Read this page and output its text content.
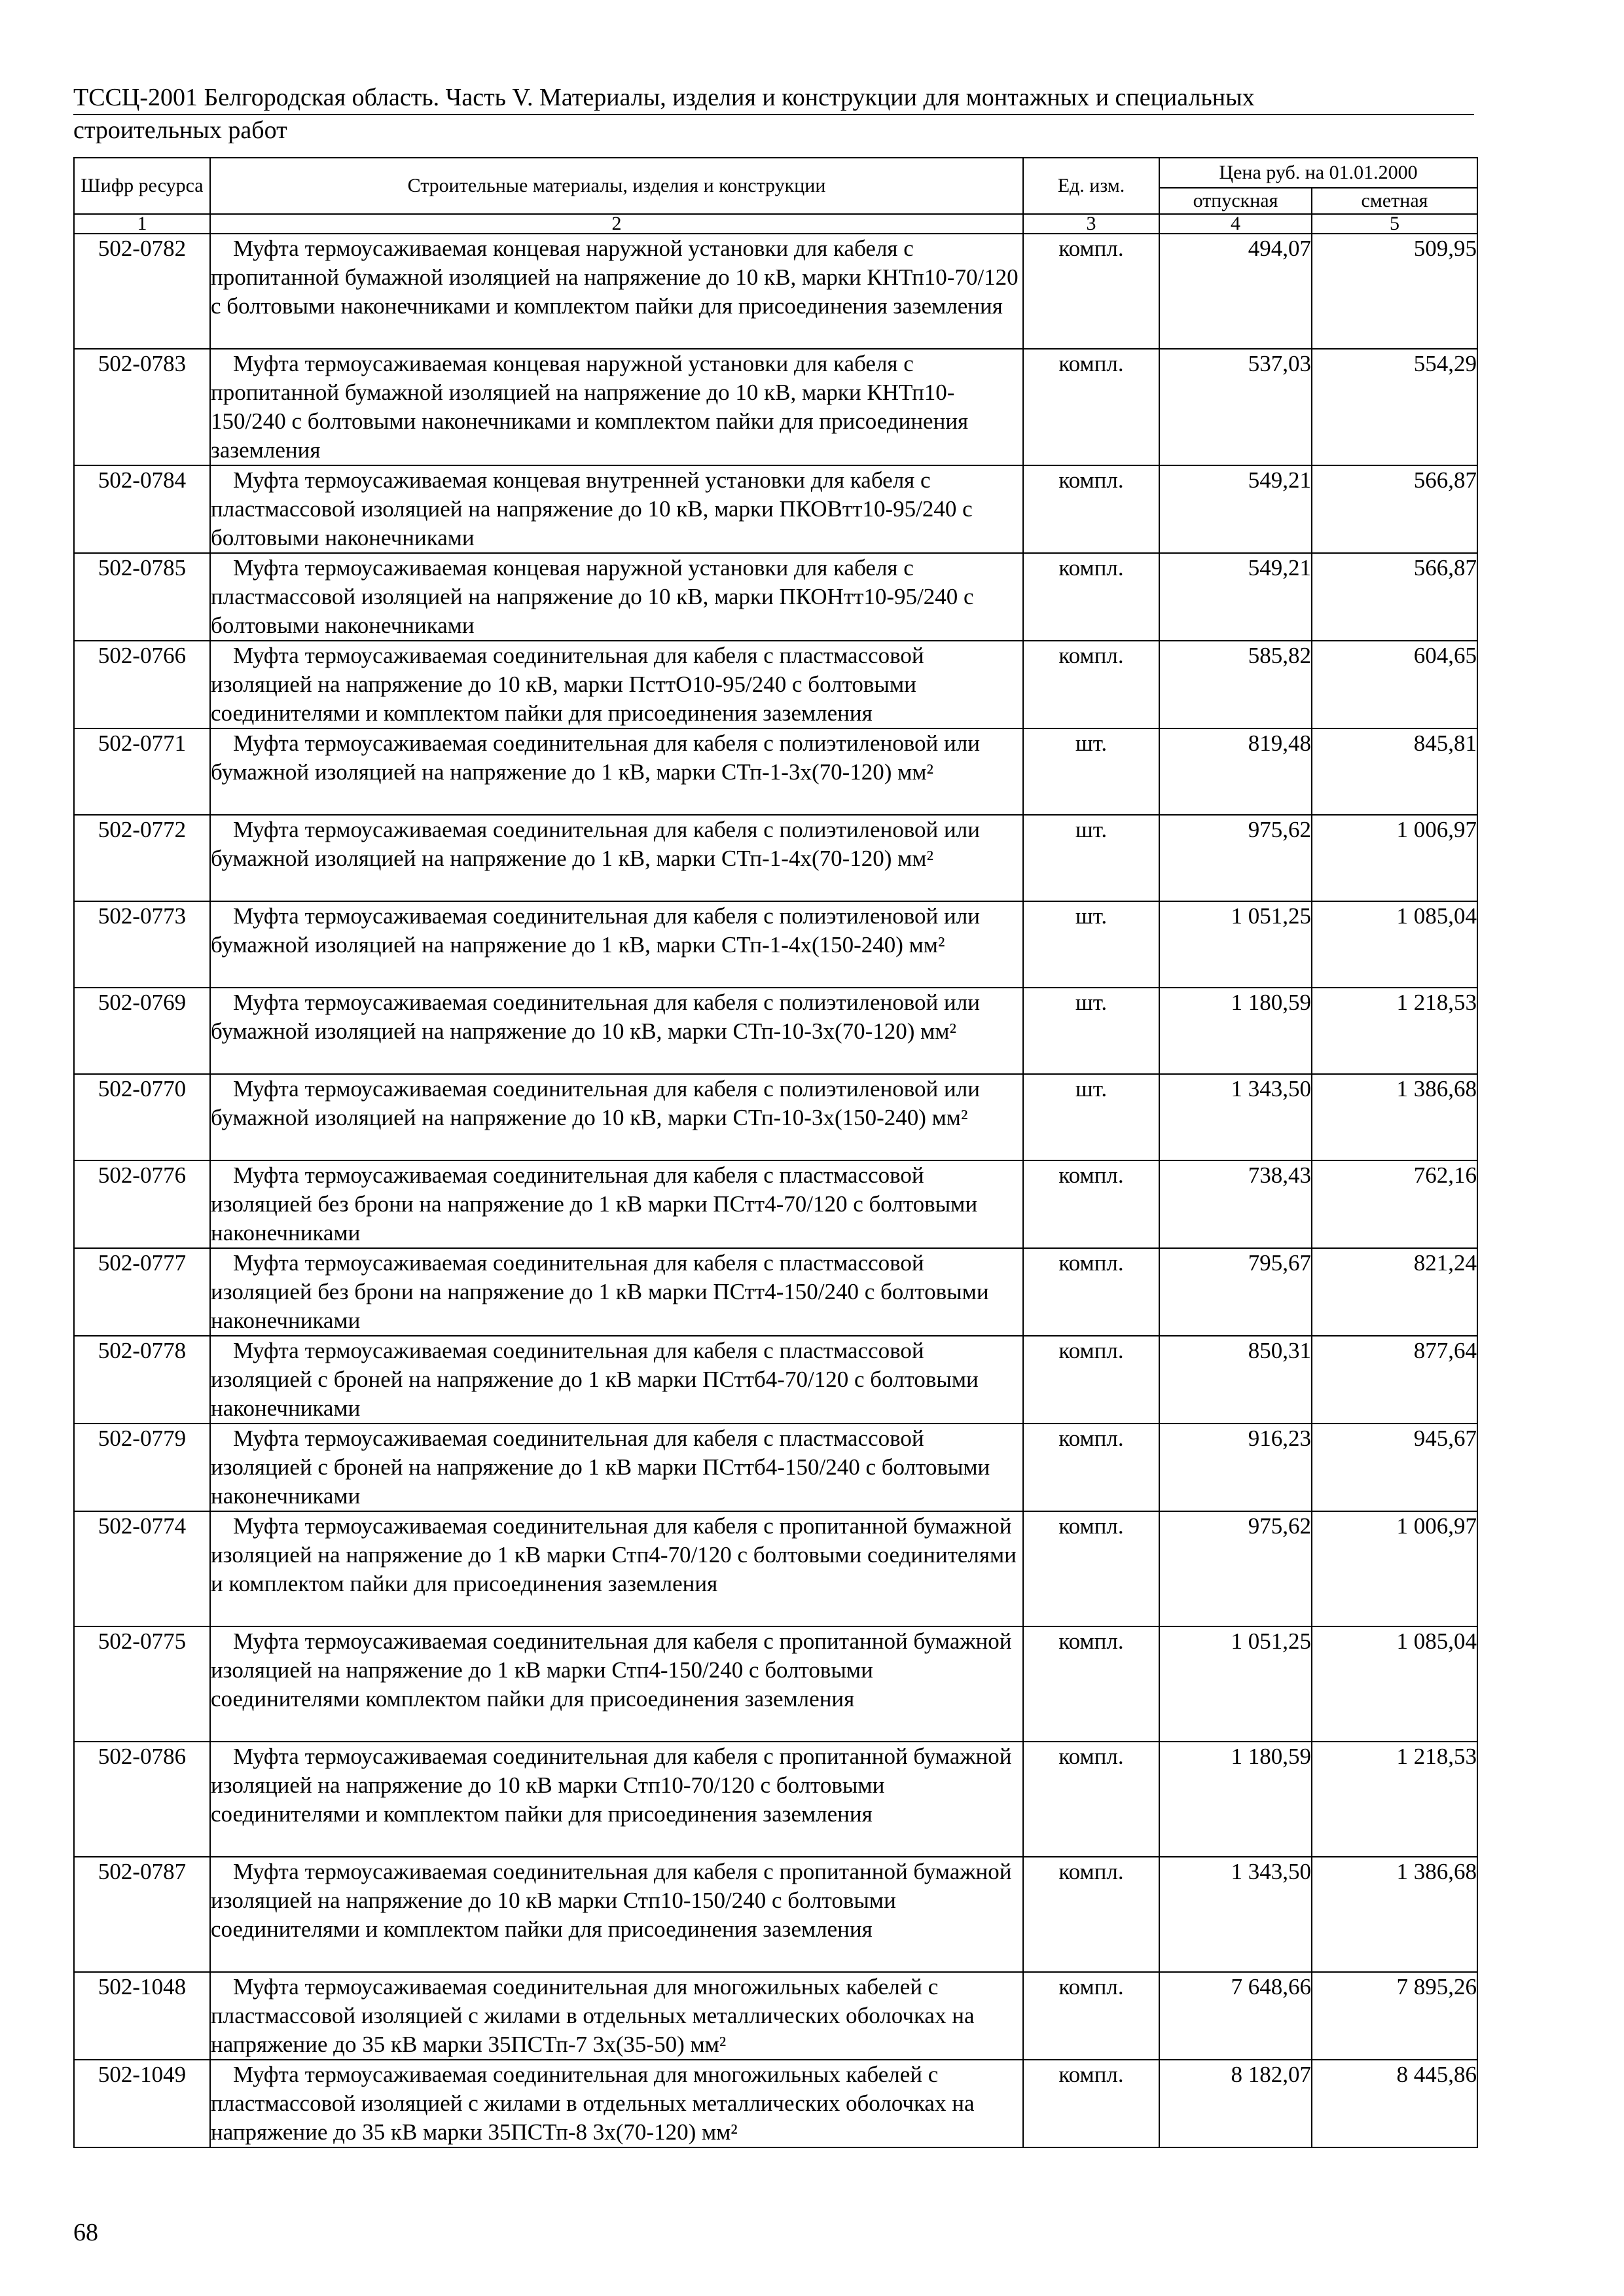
ТССЦ-2001 Белгородская область. Часть V. Материалы, изделия и конструкции для монтажных и специальных
строительных работ
Шифр ресурса	Строительные материалы, изделия и конструкции	Ед. изм.	Цена руб. на 01.01.2000	
			отпускная	сметная
1	2	3	4	5
502-0782	Муфта термоусаживаемая концевая наружной установки для кабеля с пропитанной бумажной изоляцией на напряжение до 10 кВ, марки КНТп10-70/120 с болтовыми наконечниками и комплектом пайки для присоединения заземления	компл.	494,07	509,95
502-0783	Муфта термоусаживаемая концевая наружной установки для кабеля с пропитанной бумажной изоляцией на напряжение до 10 кВ, марки КНТп10-150/240 с болтовыми наконечниками и комплектом пайки для присоединения заземления	компл.	537,03	554,29
502-0784	Муфта термоусаживаемая концевая внутренней установки для кабеля с пластмассовой изоляцией на напряжение до 10 кВ, марки ПКОВтт10-95/240 с болтовыми наконечниками	компл.	549,21	566,87
502-0785	Муфта термоусаживаемая концевая наружной установки для кабеля с пластмассовой изоляцией на напряжение до 10 кВ, марки ПКОНтт10-95/240 с болтовыми наконечниками	компл.	549,21	566,87
502-0766	Муфта термоусаживаемая соединительная для кабеля с пластмассовой изоляцией на напряжение до 10 кВ, марки ПсттО10-95/240 с болтовыми соединителями и комплектом пайки для присоединения заземления	компл.	585,82	604,65
502-0771	Муфта термоусаживаемая соединительная для кабеля с полиэтиленовой или бумажной изоляцией на напряжение до 1 кВ, марки СТп-1-3х(70-120) мм²	шт.	819,48	845,81
502-0772	Муфта термоусаживаемая соединительная для кабеля с полиэтиленовой или бумажной изоляцией на напряжение до 1 кВ, марки СТп-1-4х(70-120) мм²	шт.	975,62	1 006,97
502-0773	Муфта термоусаживаемая соединительная для кабеля с полиэтиленовой или бумажной изоляцией на напряжение до 1 кВ, марки СТп-1-4х(150-240) мм²	шт.	1 051,25	1 085,04
502-0769	Муфта термоусаживаемая соединительная для кабеля с полиэтиленовой или бумажной изоляцией на напряжение до 10 кВ, марки СТп-10-3х(70-120) мм²	шт.	1 180,59	1 218,53
502-0770	Муфта термоусаживаемая соединительная для кабеля с полиэтиленовой или бумажной изоляцией на напряжение до 10 кВ, марки СТп-10-3х(150-240) мм²	шт.	1 343,50	1 386,68
502-0776	Муфта термоусаживаемая соединительная для кабеля с пластмассовой изоляцией без брони на напряжение до 1 кВ марки ПСтт4-70/120 с болтовыми наконечниками	компл.	738,43	762,16
502-0777	Муфта термоусаживаемая соединительная для кабеля с пластмассовой изоляцией без брони на напряжение до 1 кВ марки ПСтт4-150/240 с болтовыми наконечниками	компл.	795,67	821,24
502-0778	Муфта термоусаживаемая соединительная для кабеля с пластмассовой изоляцией с броней на напряжение до 1 кВ марки ПСттб4-70/120 с болтовыми наконечниками	компл.	850,31	877,64
502-0779	Муфта термоусаживаемая соединительная для кабеля с пластмассовой изоляцией с броней на напряжение до 1 кВ марки ПСттб4-150/240 с болтовыми наконечниками	компл.	916,23	945,67
502-0774	Муфта термоусаживаемая соединительная для кабеля с пропитанной бумажной изоляцией на напряжение до 1 кВ марки Стп4-70/120 с болтовыми соединителями и комплектом пайки для присоединения заземления	компл.	975,62	1 006,97
502-0775	Муфта термоусаживаемая соединительная для кабеля с пропитанной бумажной изоляцией на напряжение до 1 кВ марки Стп4-150/240 с болтовыми соединителями комплектом пайки для присоединения заземления	компл.	1 051,25	1 085,04
502-0786	Муфта термоусаживаемая соединительная для кабеля с пропитанной бумажной изоляцией на напряжение до 10 кВ марки Стп10-70/120 с болтовыми соединителями и комплектом пайки для присоединения заземления	компл.	1 180,59	1 218,53
502-0787	Муфта термоусаживаемая соединительная для кабеля с пропитанной бумажной изоляцией на напряжение до 10 кВ марки Стп10-150/240 с болтовыми соединителями и комплектом пайки для присоединения заземления	компл.	1 343,50	1 386,68
502-1048	Муфта термоусаживаемая соединительная для многожильных кабелей с пластмассовой изоляцией с жилами в отдельных металлических оболочках на напряжение до 35 кВ марки 35ПСТп-7 3х(35-50) мм²	компл.	7 648,66	7 895,26
502-1049	Муфта термоусаживаемая соединительная для многожильных кабелей с пластмассовой изоляцией с жилами в отдельных металлических оболочках на напряжение до 35 кВ марки 35ПСТп-8 3х(70-120) мм²	компл.	8 182,07	8 445,86
68
